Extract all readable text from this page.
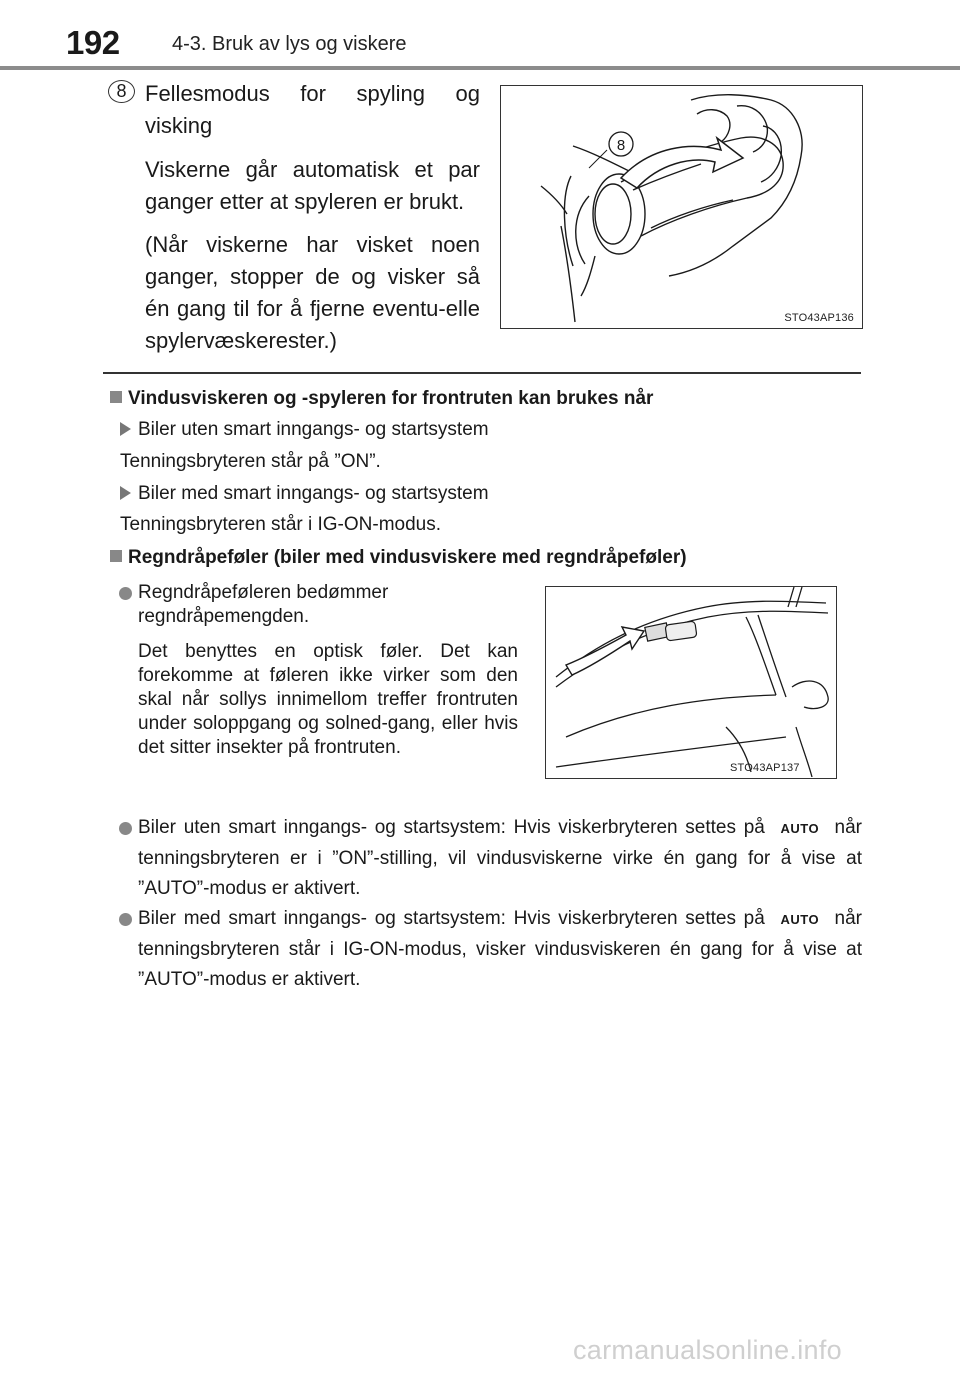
192	4-3. Bruk av lys og viskere
8 Fellesmodus for spyling og visking

Viskerne går automatisk et par ganger etter at spyleren er brukt.

(Når viskerne har visket noen ganger, stopper de og visker så én gang til for å fjerne eventu-elle spylervæskerester.)

8
STO43AP136
Vindusviskeren og -spyleren for frontruten kan brukes når
Biler uten smart inngangs- og startsystem
Tenningsbryteren står på ”ON”.
Biler med smart inngangs- og startsystem
Tenningsbryteren står i IG-ON-modus.
Regndråpeføler (biler med vindusviskere med regndråpeføler)

Regndråpeføleren bedømmer regndråpemengden.

Det benyttes en optisk føler. Det kan forekomme at føleren ikke virker som den skal når sollys innimellom treffer frontruten under soloppgang og solned-gang, eller hvis det sitter insekter på frontruten.

STO43AP137
Biler uten smart inngangs- og startsystem: Hvis viskerbryteren settes på AUTO når tenningsbryteren er i ”ON”-stilling, vil vindusviskerne virke én gang for å vise at ”AUTO”-modus er aktivert.
Biler med smart inngangs- og startsystem: Hvis viskerbryteren settes på AUTO når tenningsbryteren står i IG-ON-modus, visker vindusviskeren én gang for å vise at ”AUTO”-modus er aktivert.
carmanualsonline.info
